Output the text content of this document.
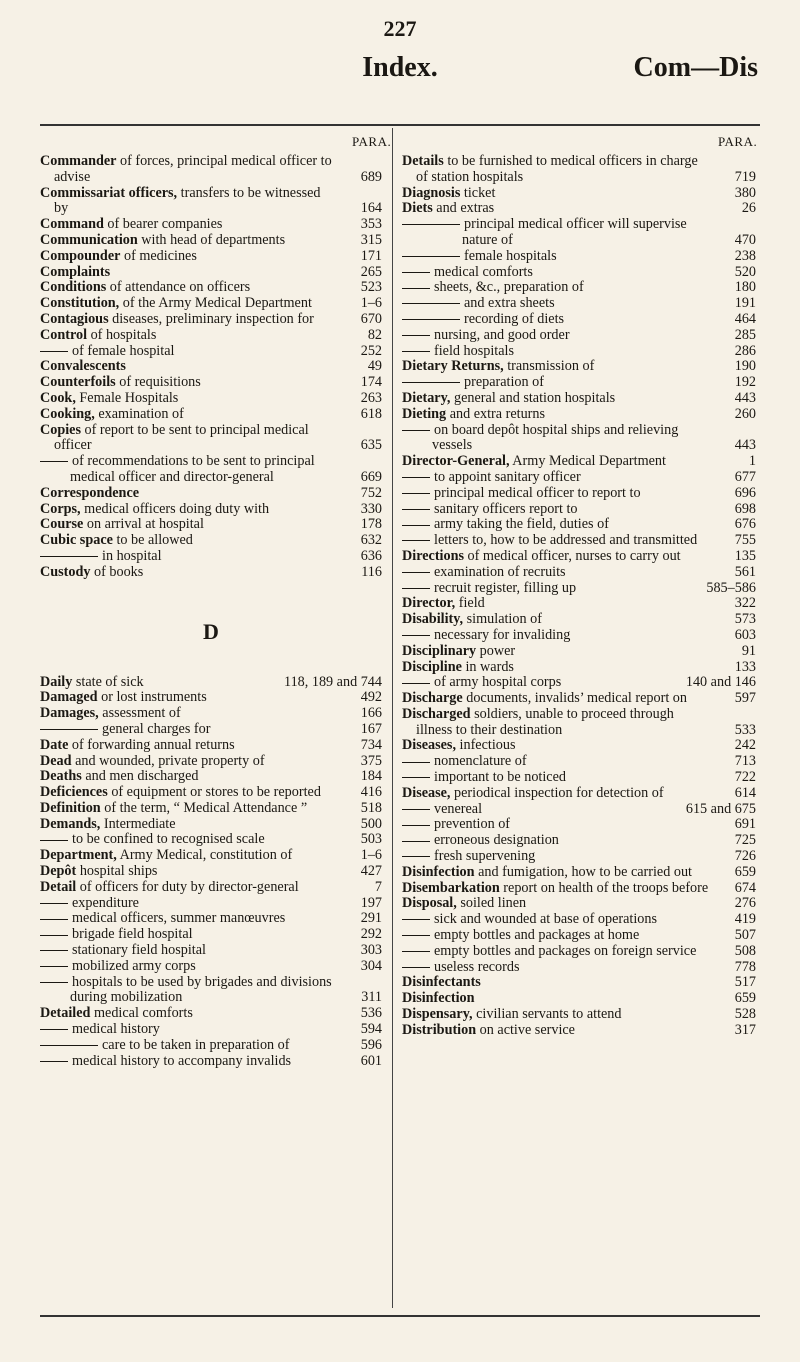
227
Index.	Com—Dis
PARA.	PARA.
Commander of forces, principal medical officer to advise	689
Commissariat officers, transfers to be witnessed by	164
Command of bearer companies	353
Communication with head of departments	315
Compounder of medicines	171
Complaints	265
Conditions of attendance on officers	523
Constitution, of the Army Medical Department	1–6
Contagious diseases, preliminary inspection for	670
Control of hospitals	82
of female hospital	252
Convalescents	49
Counterfoils of requisitions	174
Cook, Female Hospitals	263
Cooking, examination of	618
Copies of report to be sent to principal medical officer	635
of recommendations to be sent to principal medical officer and director-general	669
Correspondence	752
Corps, medical officers doing duty with	330
Course on arrival at hospital	178
Cubic space to be allowed	632
in hospital	636
Custody of books	116
D
Daily state of sick	118, 189 and 744
Damaged or lost instruments	492
Damages, assessment of	166
general charges for	167
Date of forwarding annual returns	734
Dead and wounded, private property of	375
Deaths and men discharged	184
Deficiences of equipment or stores to be reported	416
Definition of the term, “ Medical Attendance ”	518
Demands, Intermediate	500
to be confined to recognised scale	503
Department, Army Medical, constitution of	1–6
Depôt hospital ships	427
Detail of officers for duty by director-general	7
expenditure	197
medical officers, summer manœuvres	291
brigade field hospital	292
stationary field hospital	303
mobilized army corps	304
hospitals to be used by brigades and divisions during mobilization	311
Detailed medical comforts	536
medical history	594
care to be taken in preparation of	596
medical history to accompany invalids	601
Details to be furnished to medical officers in charge of station hospitals	719
Diagnosis ticket	380
Diets and extras	26
principal medical officer will supervise nature of	470
female hospitals	238
medical comforts	520
sheets, &c., preparation of	180
and extra sheets	191
recording of diets	464
nursing, and good order	285
field hospitals	286
Dietary Returns, transmission of	190
preparation of	192
Dietary, general and station hospitals	443
Dieting and extra returns	260
on board depôt hospital ships and relieving vessels	443
Director-General, Army Medical Department	1
to appoint sanitary officer	677
principal medical officer to report to	696
sanitary officers report to	698
army taking the field, duties of	676
letters to, how to be addressed and transmitted	755
Directions of medical officer, nurses to carry out	135
examination of recruits	561
recruit register, filling up	585–586
Director, field	322
Disability, simulation of	573
necessary for invaliding	603
Disciplinary power	91
Discipline in wards	133
of army hospital corps	140 and 146
Discharge documents, invalids’ medical report on	597
Discharged soldiers, unable to proceed through illness to their destination	533
Diseases, infectious	242
nomenclature of	713
important to be noticed	722
Disease, periodical inspection for detection of	614
venereal	615 and 675
prevention of	691
erroneous designation	725
fresh supervening	726
Disinfection and fumigation, how to be carried out	659
Disembarkation report on health of the troops before 674
Disposal, soiled linen	276
sick and wounded at base of operations	419
empty bottles and packages at home	507
empty bottles and packages on foreign service	508
useless records	778
Disinfectants	517
Disinfection	659
Dispensary, civilian servants to attend	528
Distribution on active service	317
